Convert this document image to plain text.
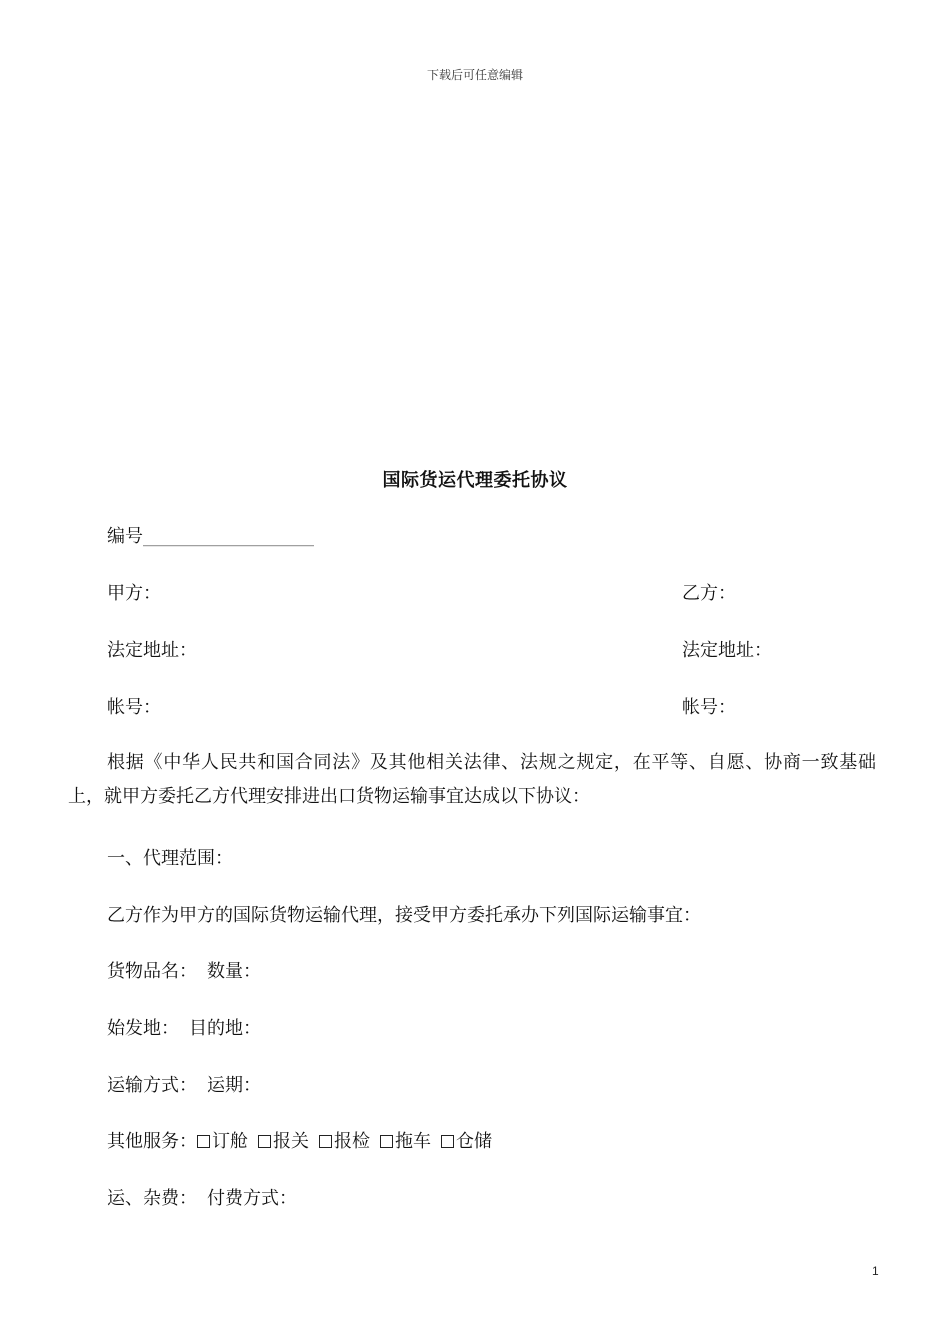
下载后可任意编辑
国际货运代理委托协议
编号___________________
甲方：	乙方：
法定地址：	法定地址：
帐号：	帐号：
根据《中华人民共和国合同法》及其他相关法律、法规之规定，在平等、自愿、协商一致基础上，就甲方委托乙方代理安排进出口货物运输事宜达成以下协议：
一、代理范围：
乙方作为甲方的国际货物运输代理，接受甲方委托承办下列国际运输事宜：
货物品名： 数量：
始发地： 目的地：
运输方式： 运期：
其他服务： 订舱 报关 报检 拖车 仓储
运、杂费： 付费方式：
1
